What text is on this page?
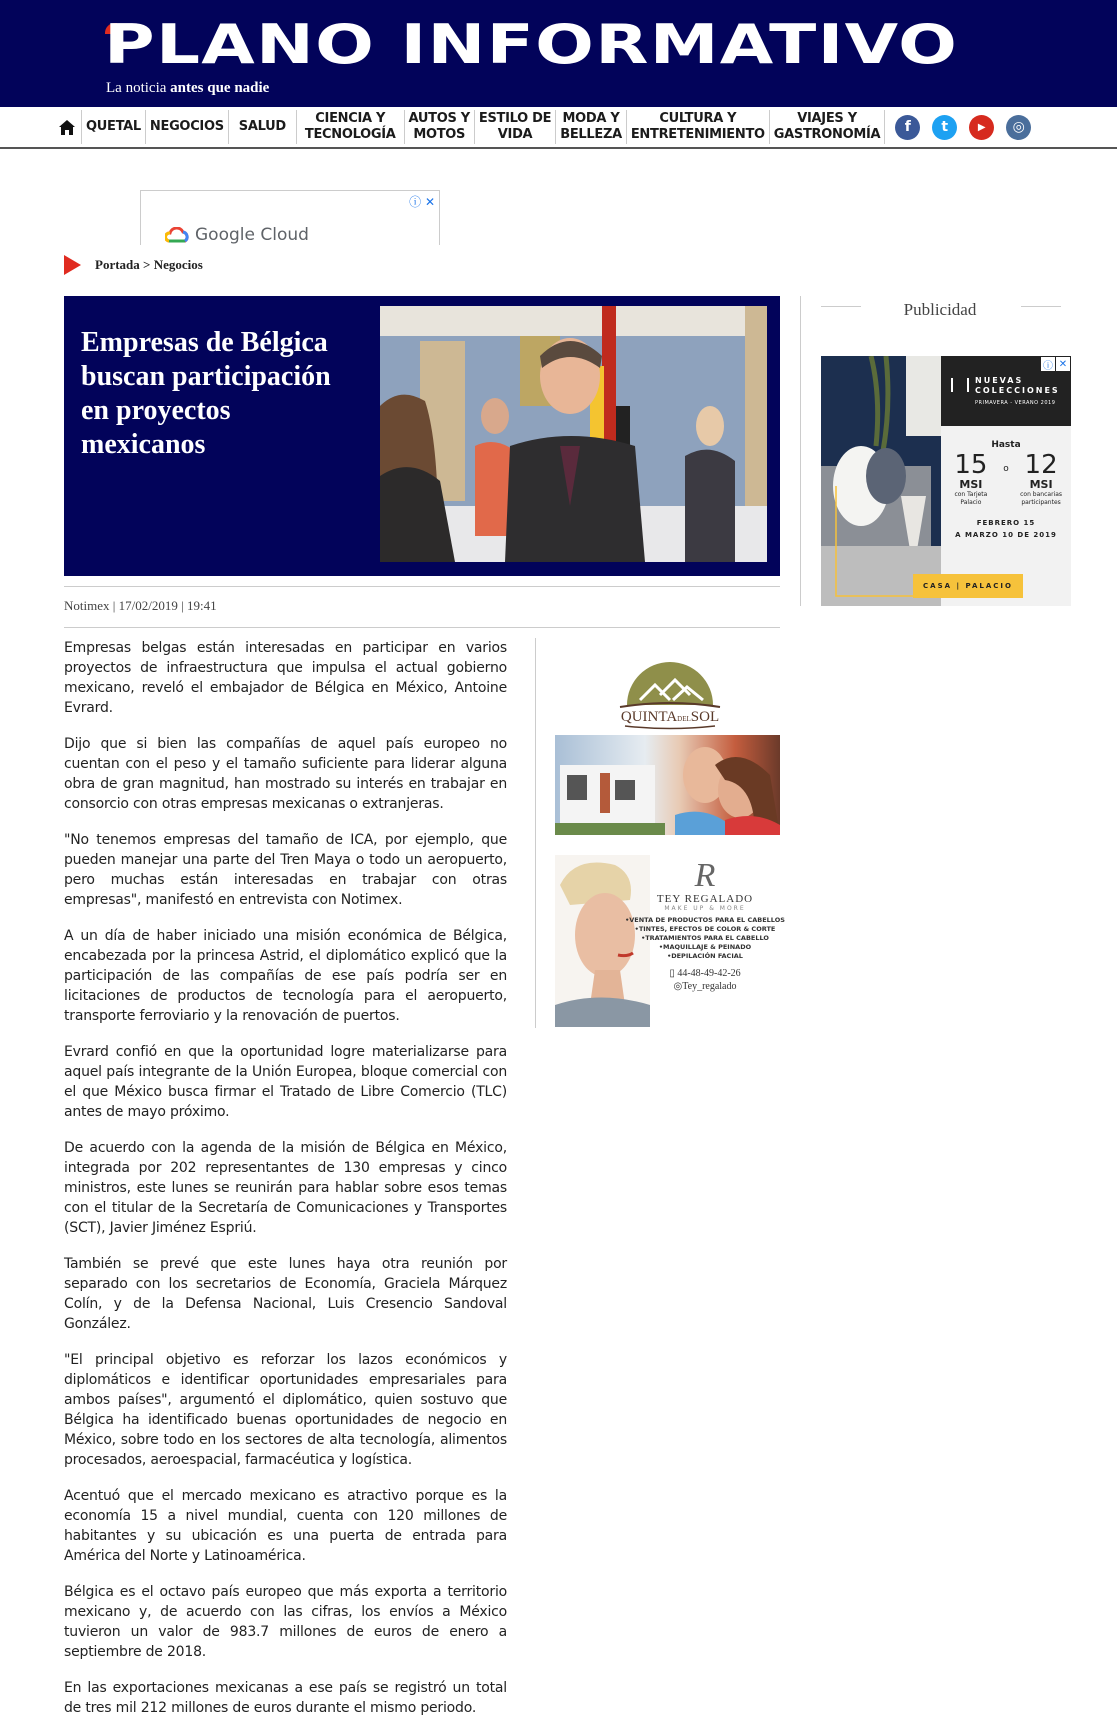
PLANO INFORMATIVO
La noticia antes que nadie
QUETAL NEGOCIOS SALUD
CIENCIA Y
TECNOLOGÍA
AUTOS Y
MOTOS
ESTILO DE
VIDA
MODA Y
BELLEZA
CULTURA Y
ENTRETENIMIENTO
VIAJES Y
GASTRONOMÍA	f	t	▶	◎
ⓘ ✕
Google Cloud
Portada > Negocios
Empresas de Bélgica buscan participación en proyectos mexicanos
Notimex | 17/02/2019 | 19:41

Empresas belgas están interesadas en participar en varios proyectos de infraestructura que impulsa el actual gobierno mexicano, reveló el embajador de Bélgica en México, Antoine Evrard.

Dijo que si bien las compañías de aquel país europeo no cuentan con el peso y el tamaño suficiente para liderar alguna obra de gran magnitud, han mostrado su interés en trabajar en consorcio con otras empresas mexicanas o extranjeras.

"No tenemos empresas del tamaño de ICA, por ejemplo, que pueden manejar una parte del Tren Maya o todo un aeropuerto, pero muchas están interesadas en trabajar con otras empresas", manifestó en entrevista con Notimex.

A un día de haber iniciado una misión económica de Bélgica, encabezada por la princesa Astrid, el diplomático explicó que la participación de las compañías de ese país podría ser en licitaciones de productos de tecnología para el aeropuerto, transporte ferroviario y la renovación de puertos.

Evrard confió en que la oportunidad logre materializarse para aquel país integrante de la Unión Europea, bloque comercial con el que México busca firmar el Tratado de Libre Comercio (TLC) antes de mayo próximo.

De acuerdo con la agenda de la misión de Bélgica en México, integrada por 202 representantes de 130 empresas y cinco ministros, este lunes se reunirán para hablar sobre esos temas con el titular de la Secretaría de Comunicaciones y Transportes (SCT), Javier Jiménez Espriú.

También se prevé que este lunes haya otra reunión por separado con los secretarios de Economía, Graciela Márquez Colín, y de la Defensa Nacional, Luis Cresencio Sandoval González.

"El principal objetivo es reforzar los lazos económicos y diplomáticos e identificar oportunidades empresariales para ambos países", argumentó el diplomático, quien sostuvo que Bélgica ha identificado buenas oportunidades de negocio en México, sobre todo en los sectores de alta tecnología, alimentos procesados, aeroespacial, farmacéutica y logística.

Acentuó que el mercado mexicano es atractivo porque es la economía 15 a nivel mundial, cuenta con 120 millones de habitantes y su ubicación es una puerta de entrada para América del Norte y Latinoamérica.

Bélgica es el octavo país europeo que más exporta a territorio mexicano y, de acuerdo con las cifras, los envíos a México tuvieron un valor de 983.7 millones de euros de enero a septiembre de 2018.

En las exportaciones mexicanas a ese país se registró un total de tres mil 212 millones de euros durante el mismo periodo.

QUINTADELSOL
R
TEY REGALADO
MAKE UP & MORE
•VENTA DE PRODUCTOS PARA EL CABELLOS
•TINTES, EFECTOS DE COLOR & CORTE
•TRATAMIENTOS PARA EL CABELLO
•MAQUILLAJE & PEINADO
•DEPILACIÓN FACIAL
▯ 44-48-49-42-26
◎Tey_regalado
Publicidad
NUEVAS
COLECCIONES
PRIMAVERA - VERANO 2019
ⓘ ✕
Hasta
15
MSI
con Tarjeta Palacio
o 12
MSI
con bancarias participantes
FEBRERO 15
A MARZO 10 DE 2019
CASA | PALACIO
